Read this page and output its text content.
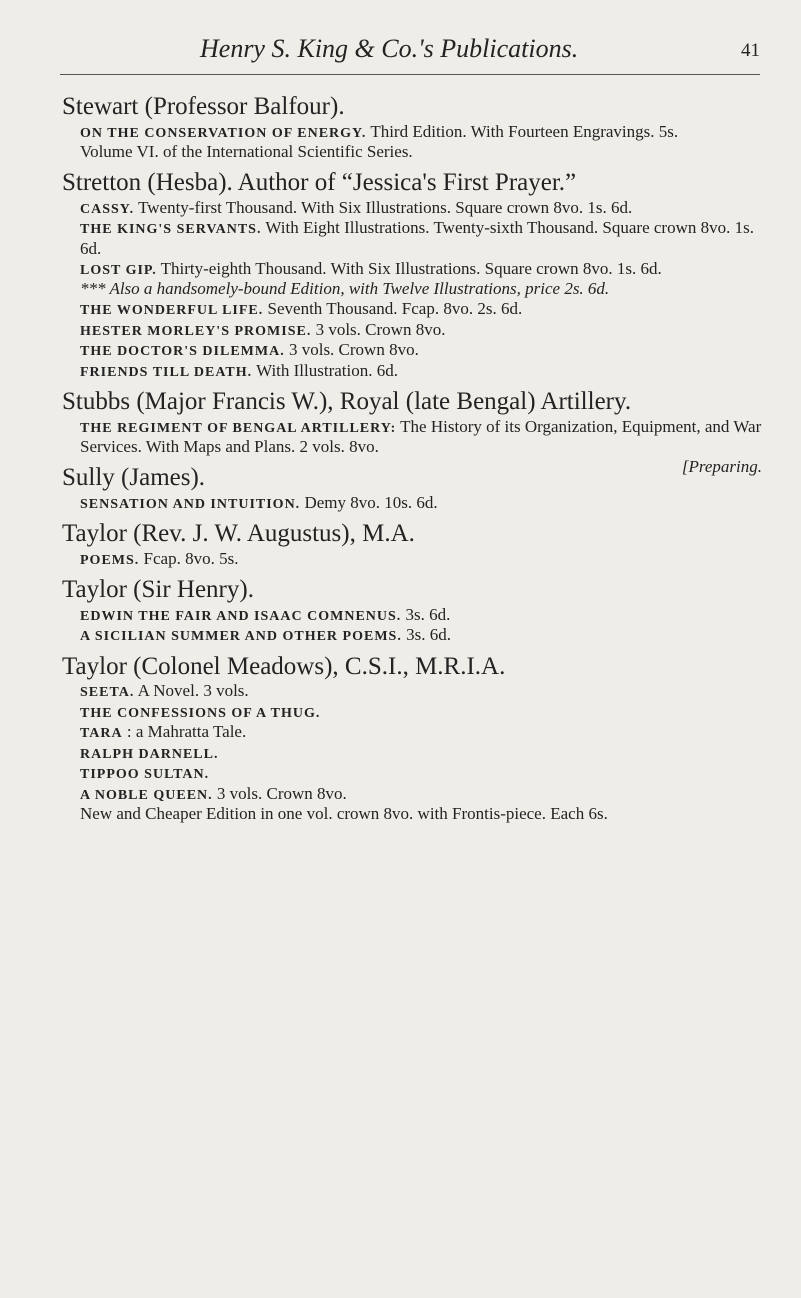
Henry S. King & Co.'s Publications.	41
Stewart (Professor Balfour).
ON THE CONSERVATION OF ENERGY. Third Edition. With Fourteen Engravings. 5s.
Volume VI. of the International Scientific Series.
Stretton (Hesba). Author of “Jessica's First Prayer.”
CASSY. Twenty-first Thousand. With Six Illustrations. Square crown 8vo. 1s. 6d.
THE KING'S SERVANTS. With Eight Illustrations. Twenty-sixth Thousand. Square crown 8vo. 1s. 6d.
LOST GIP. Thirty-eighth Thousand. With Six Illustrations. Square crown 8vo. 1s. 6d.
*** Also a handsomely-bound Edition, with Twelve Illustrations, price 2s. 6d.
THE WONDERFUL LIFE. Seventh Thousand. Fcap. 8vo. 2s. 6d.
HESTER MORLEY'S PROMISE. 3 vols. Crown 8vo.
THE DOCTOR'S DILEMMA. 3 vols. Crown 8vo.
FRIENDS TILL DEATH. With Illustration. 6d.
Stubbs (Major Francis W.), Royal (late Bengal) Artillery.
THE REGIMENT OF BENGAL ARTILLERY: The History of its Organization, Equipment, and War Services. With Maps and Plans. 2 vols. 8vo.
[Preparing.
Sully (James).
SENSATION AND INTUITION. Demy 8vo. 10s. 6d.
Taylor (Rev. J. W. Augustus), M.A.
POEMS. Fcap. 8vo. 5s.
Taylor (Sir Henry).
EDWIN THE FAIR AND ISAAC COMNENUS. 3s. 6d.
A SICILIAN SUMMER AND OTHER POEMS. 3s. 6d.
Taylor (Colonel Meadows), C.S.I., M.R.I.A.
SEETA. A Novel. 3 vols.
THE CONFESSIONS OF A THUG.
TARA : a Mahratta Tale.
RALPH DARNELL.
TIPPOO SULTAN.
A NOBLE QUEEN. 3 vols. Crown 8vo.
New and Cheaper Edition in one vol. crown 8vo. with Frontis-piece. Each 6s.
